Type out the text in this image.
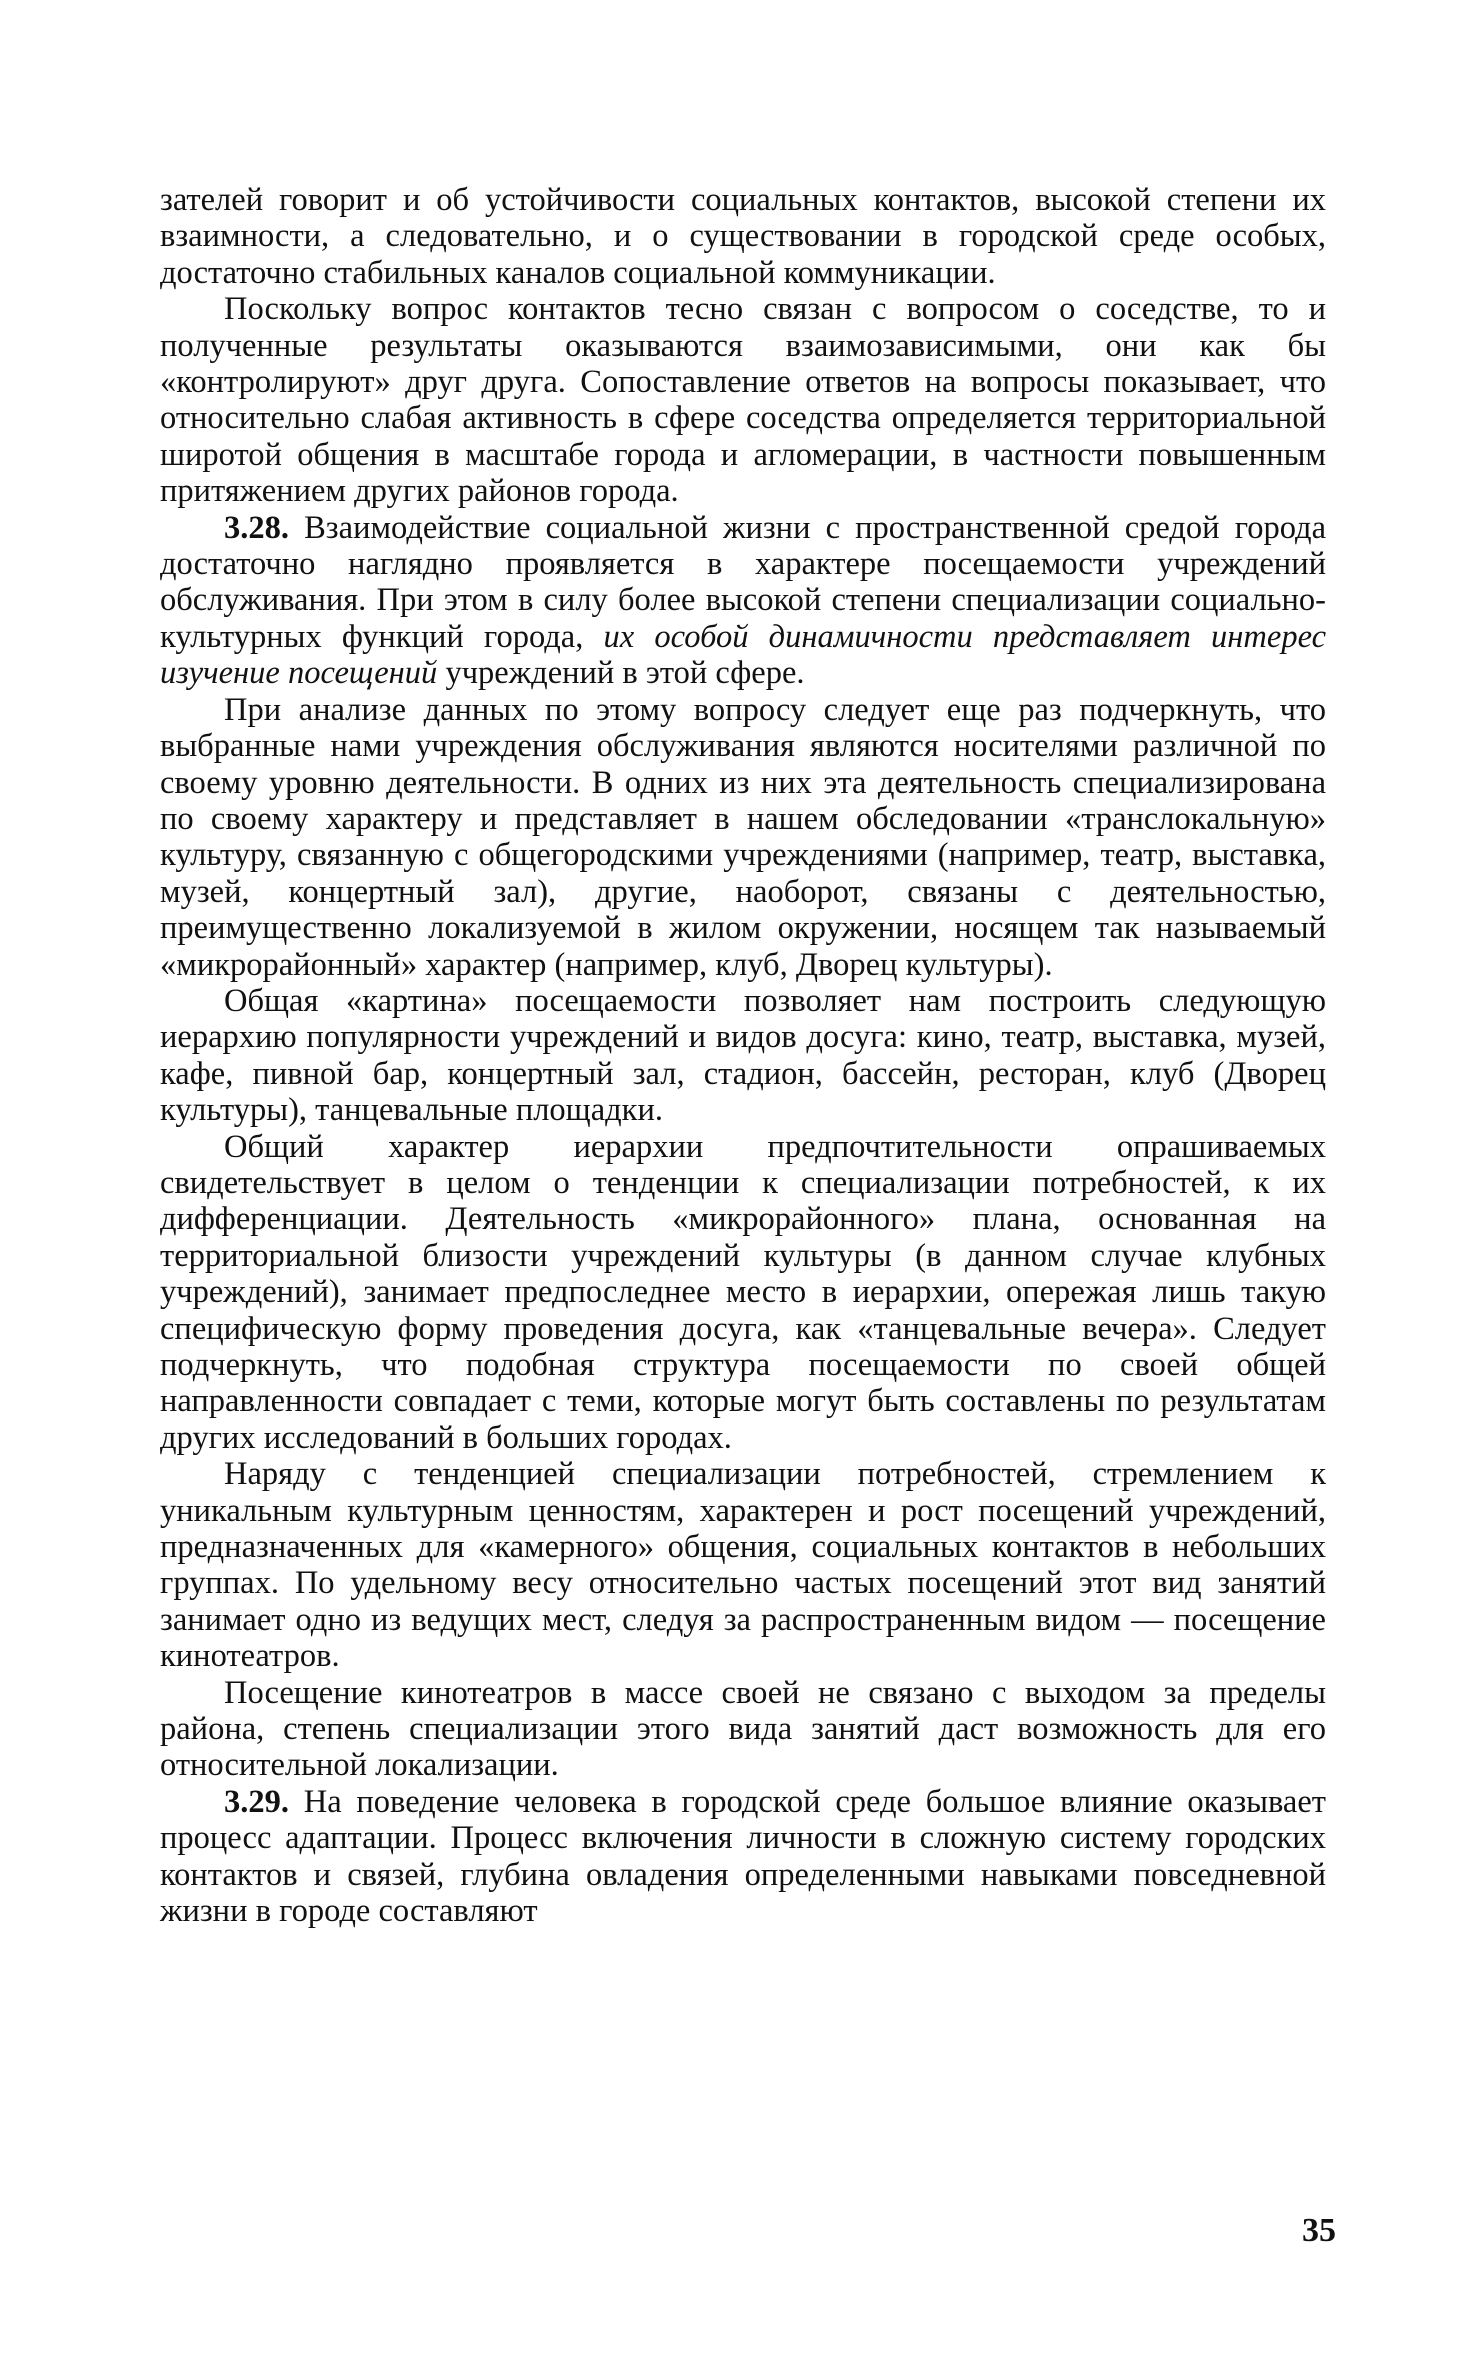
зателей говорит и об устойчивости социальных контактов, высокой степени их взаимности, а следовательно, и о существовании в городской среде особых, достаточно стабильных каналов социальной коммуникации.

Поскольку вопрос контактов тесно связан с вопросом о соседстве, то и полученные результаты оказываются взаимозависимыми, они как бы «контролируют» друг друга. Сопоставление ответов на вопросы показывает, что относительно слабая активность в сфере соседства определяется территориальной широтой общения в масштабе города и агломерации, в частности повышенным притяжением других районов города.

3.28. Взаимодействие социальной жизни с пространственной средой города достаточно наглядно проявляется в характере посещаемости учреждений обслуживания. При этом в силу более высокой степени специализации социально-культурных функций города, их особой динамичности представляет интерес изучение посещений учреждений в этой сфере.

При анализе данных по этому вопросу следует еще раз подчеркнуть, что выбранные нами учреждения обслуживания являются носителями различной по своему уровню деятельности. В одних из них эта деятельность специализирована по своему характеру и представляет в нашем обследовании «транслокальную» культуру, связанную с общегородскими учреждениями (например, театр, выставка, музей, концертный зал), другие, наоборот, связаны с деятельностью, преимущественно локализуемой в жилом окружении, носящем так называемый «микрорайонный» характер (например, клуб, Дворец культуры).

Общая «картина» посещаемости позволяет нам построить следующую иерархию популярности учреждений и видов досуга: кино, театр, выставка, музей, кафе, пивной бар, концертный зал, стадион, бассейн, ресторан, клуб (Дворец культуры), танцевальные площадки.

Общий характер иерархии предпочтительности опрашиваемых свидетельствует в целом о тенденции к специализации потребностей, к их дифференциации. Деятельность «микрорайонного» плана, основанная на территориальной близости учреждений культуры (в данном случае клубных учреждений), занимает предпоследнее место в иерархии, опережая лишь такую специфическую форму проведения досуга, как «танцевальные вечера». Следует подчеркнуть, что подобная структура посещаемости по своей общей направленности совпадает с теми, которые могут быть составлены по результатам других исследований в больших городах.

Наряду с тенденцией специализации потребностей, стремлением к уникальным культурным ценностям, характерен и рост посещений учреждений, предназначенных для «камерного» общения, социальных контактов в небольших группах. По удельному весу относительно частых посещений этот вид занятий занимает одно из ведущих мест, следуя за распространенным видом — посещение кинотеатров.

Посещение кинотеатров в массе своей не связано с выходом за пределы района, степень специализации этого вида занятий даст возможность для его относительной локализации.

3.29. На поведение человека в городской среде большое влияние оказывает процесс адаптации. Процесс включения личности в сложную систему городских контактов и связей, глубина овладения определенными навыками повседневной жизни в городе составляют

35
